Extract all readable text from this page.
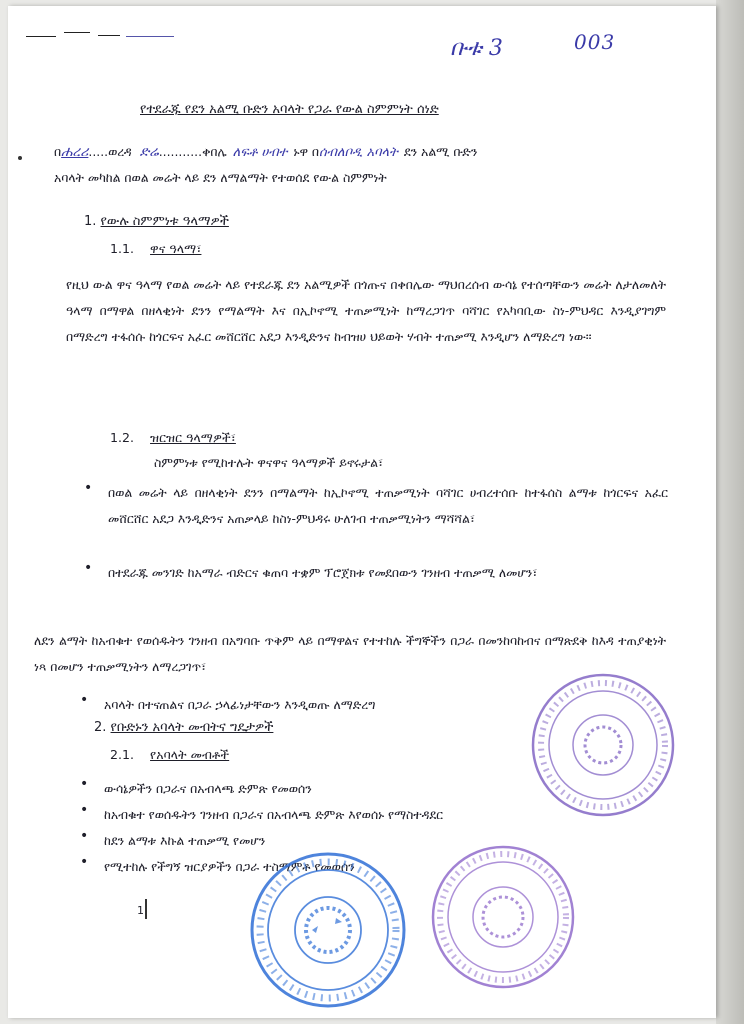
ቡቱ 3	003
የተደራጁ የደን አልሚ ቡድን አባላት የጋራ የውል ስምምነት ሰነድ
በሐረሪ.....ወረዳ ድሬ...........ቀበሌ ለፍቶ ሀብተ ኑዋ በሰብለቦዲ አባላት ደን አልሚ ቡድን
አባላት መካከል በወል መሬት ላይ ደን ለማልማት የተወሰደ የውል ስምምነት
1. የውሉ ስምምነቱ ዓላማዎች
1.1. ዋና ዓላማ፣
የዚህ ውል ዋና ዓላማ የወል መሬት ላይ የተደራጁ ደን አልሚዎች በጎጡና በቀበሌው ማህበረሰብ ውሳኔ የተሰጣቸውን መሬት ለታለመለት ዓላማ በማዋል በዘላቂነት ደንን የማልማት እና በኢኮኖሚ ተጠቃሚነት ከማረጋገጥ ባሻገር የአካባቢው ስነ-ምህዳር እንዲያገግም በማድረግ ተፋሰሱ ከጎርፍና አፈር መሸርሸር አደጋ እንዲድንና ከብዝሀ ህይወት ሃብት ተጠቃሚ እንዲሆን ለማድረግ ነው፡፡
1.2. ዝርዝር ዓላማዎች፣
ስምምነቱ የሚከተሉት ዋናዋና ዓላማዎች ይኖሩታል፣
• በወል መሬት ላይ በዘላቂነት ደንን በማልማት ከኢኮኖሚ ተጠቃሚነት ባሻገር ሀብረተሰቡ ከተፋሰስ ልማቱ ከጎርፍና አፈር መሸርሸር አደጋ እንዲድንና አጠቃላይ ከስነ-ምህዳሩ ሁለገብ ተጠቃሚነትን ማሻሻል፣
• በተደራጁ መንገድ ከአማራ ብድርና ቁጠባ ተቋም ፕሮጀክቱ የመደበውን ገንዘብ ተጠቃሚ ለመሆን፣
ለደን ልማት ከአብቁተ የወሰዱትን ገንዘብ በአግባቡ ጥቅም ላይ በማዋልና የተተከሉ ችግኞችን በጋራ በመንከባከብና በማጽደቅ ከእዳ ተጠያቂነት ነጻ በመሆን ተጠቃሚነትን ለማረጋገጥ፣
• አባላት በተናጠልና በጋራ ኃላፊነታቸውን እንዲወጡ ለማድረግ
2. የቡድኑን አባላት መብትና ግዴታዎች
2.1. የአባላት መብቶች
• ውሳኔዎችን በጋራና በአብላጫ ድምጽ የመወሰን
• ከአብቁተ የወሰዱትን ገንዘብ በጋራና በአብላጫ ድምጽ እየወሰኑ የማስተዳደር
• ከደን ልማቱ እኩል ተጠቃሚ የመሆን
• የሚተከሉ የችግኝ ዝርያዎችን በጋራ ተስማምቶ የመወሰን
1
